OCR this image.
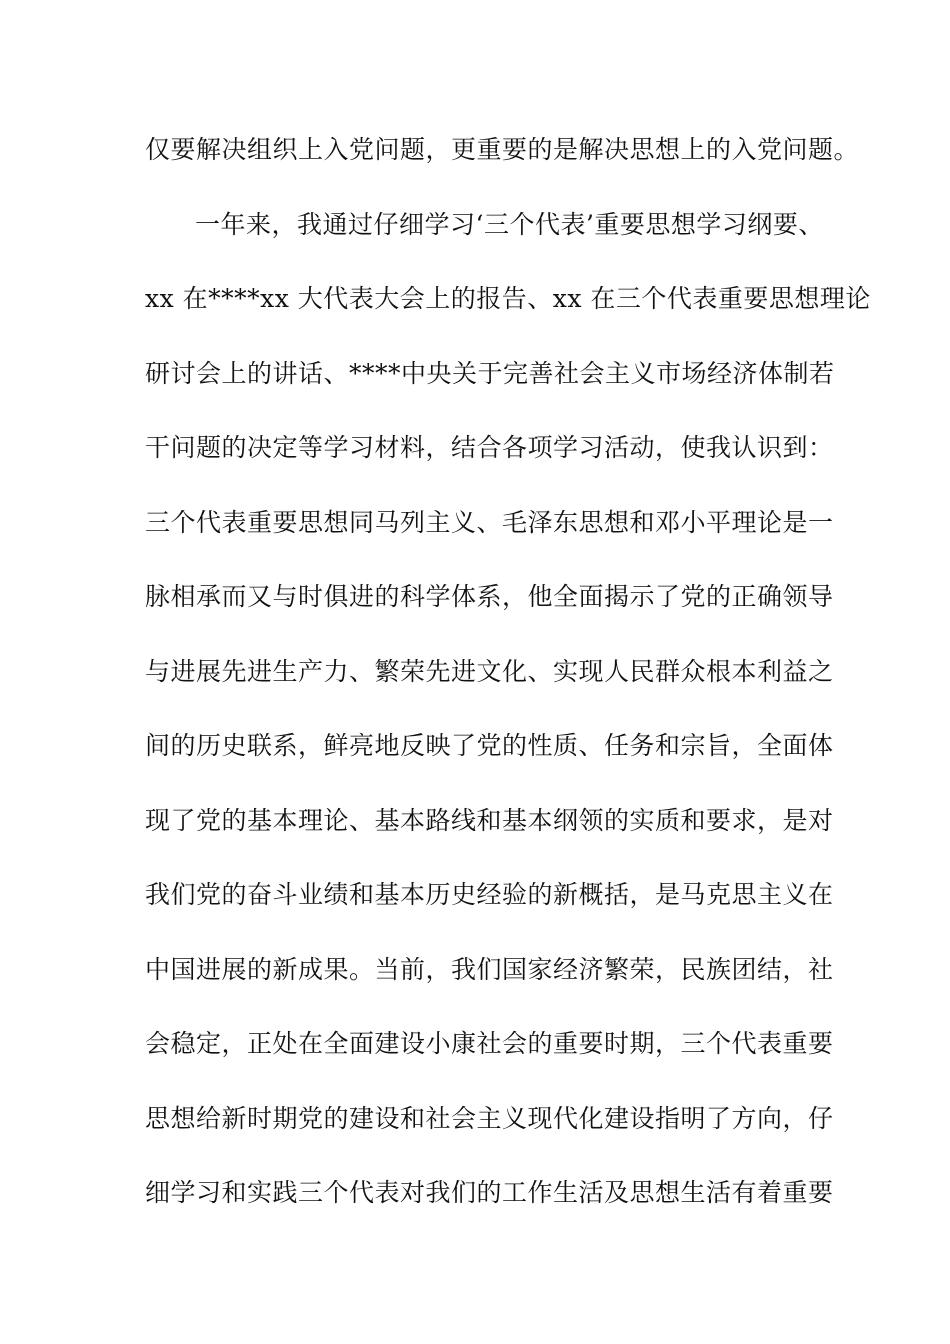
仅要解决组织上入党问题，更重要的是解决思想上的入党问题。
一年来，我通过仔细学习‘三个代表’重要思想学习纲要、
xx 在****xx 大代表大会上的报告、xx 在三个代表重要思想理论
研讨会上的讲话、****中央关于完善社会主义市场经济体制若
干问题的决定等学习材料，结合各项学习活动，使我认识到：
三个代表重要思想同马列主义、毛泽东思想和邓小平理论是一
脉相承而又与时俱进的科学体系，他全面揭示了党的正确领导
与进展先进生产力、繁荣先进文化、实现人民群众根本利益之
间的历史联系，鲜亮地反映了党的性质、任务和宗旨，全面体
现了党的基本理论、基本路线和基本纲领的实质和要求，是对
我们党的奋斗业绩和基本历史经验的新概括，是马克思主义在
中国进展的新成果。当前，我们国家经济繁荣，民族团结，社
会稳定，正处在全面建设小康社会的重要时期，三个代表重要
思想给新时期党的建设和社会主义现代化建设指明了方向，仔
细学习和实践三个代表对我们的工作生活及思想生活有着重要
